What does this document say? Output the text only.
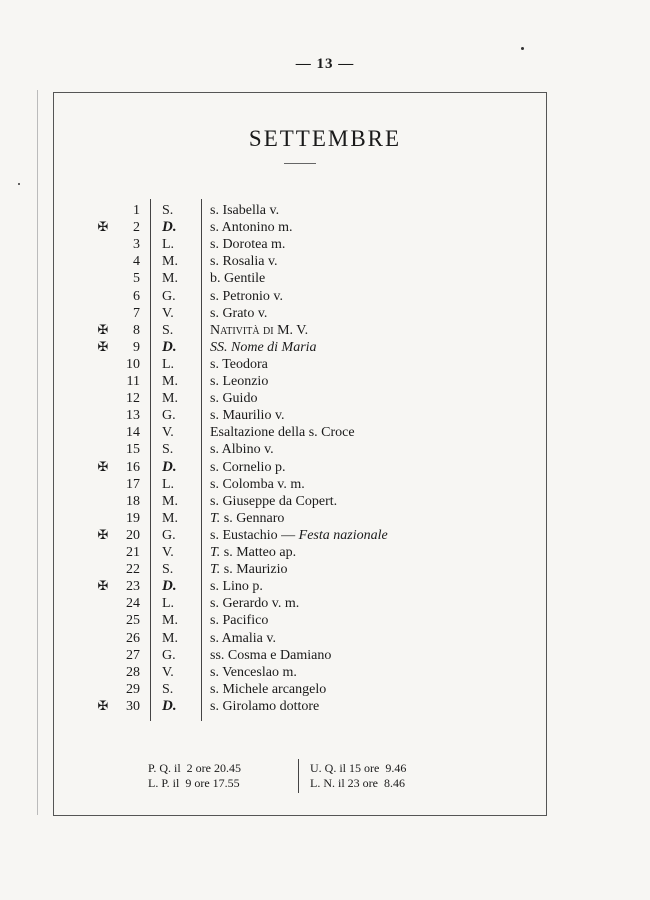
— 13 —
SETTEMBRE
1 S.	s. Isabella v.
✠	2 D.	s. Antonino m.
3 L.	s. Dorotea m.
4 M.	s. Rosalia v.
5 M.	b. Gentile
6 G.	s. Petronio v.
7 V.	s. Grato v.
✠	8 S.	Natività di M. V.
✠	9 D.	SS. Nome di Maria
10 L.	s. Teodora
11 M.	s. Leonzio
12 M.	s. Guido
13 G.	s. Maurilio v.
14 V.	Esaltazione della s. Croce
15 S.	s. Albino v.
✠	16 D.	s. Cornelio p.
17 L.	s. Colomba v. m.
18 M.	s. Giuseppe da Copert.
19 M.	T. s. Gennaro
✠	20 G.	s. Eustachio — Festa nazionale
21 V.	T. s. Matteo ap.
22 S.	T. s. Maurizio
✠	23 D.	s. Lino p.
24 L.	s. Gerardo v. m.
25 M.	s. Pacifico
26 M.	s. Amalia v.
27 G.	ss. Cosma e Damiano
28 V.	s. Venceslao m.
29 S.	s. Michele arcangelo
✠	30 D.	s. Girolamo dottore
P. Q. il  2 ore 20.45
L. P. il  9 ore 17.55
U. Q. il 15 ore  9.46
L. N. il 23 ore  8.46
